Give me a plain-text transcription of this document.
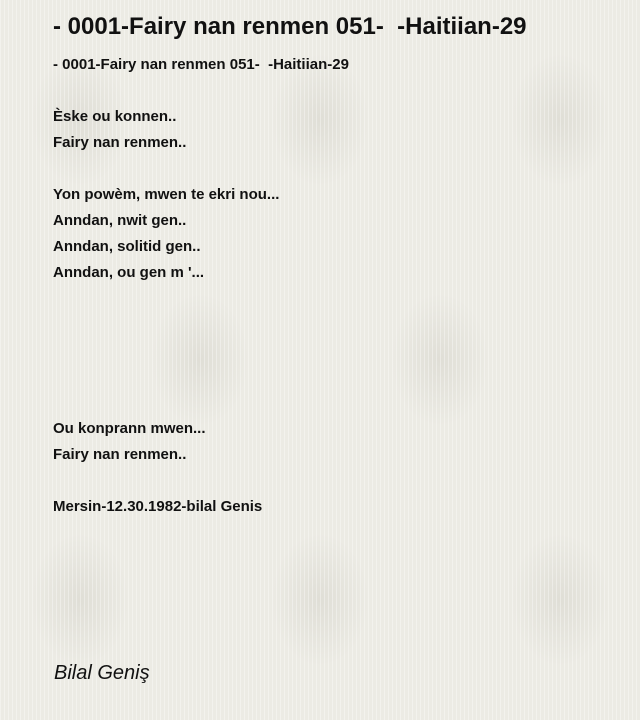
- 0001-Fairy nan renmen 051-  -Haitiian-29
- 0001-Fairy nan renmen 051-  -Haitiian-29
Èske ou konnen..
Fairy nan renmen..
Yon powèm, mwen te ekri nou...
Anndan, nwit gen..
Anndan, solitid gen..
Anndan, ou gen m '...
Ou konprann mwen...
Fairy nan renmen..
Mersin-12.30.1982-bilal Genis
Bilal Geniş
